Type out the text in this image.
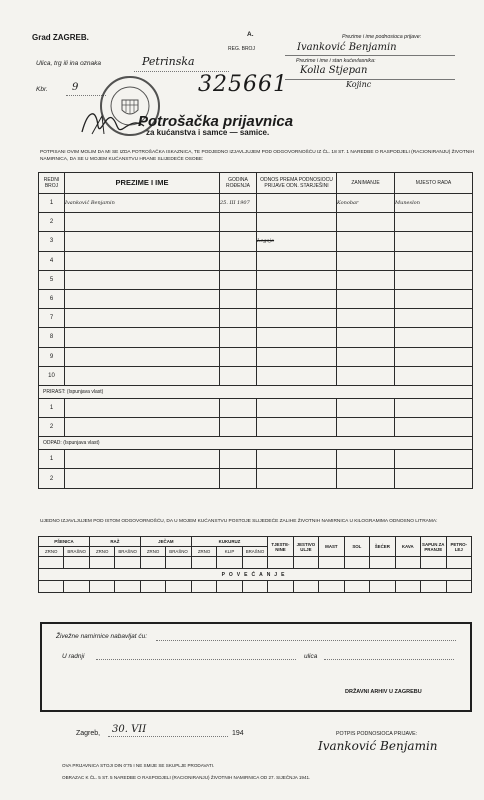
Grad ZAGREB.	A.
REG. BROJ
Prezime i ime podnosioca prijave:
Ivanković Benjamin
Prezime i ime i stan kućevlasnika:
Kolla Stjepan
Kojinc
Ulica, trg ili ina oznaka	Petrinska
Kbr. 9	325661
Potrošačka prijavnica
za kućanstva i samce — samice.
POTPISANI OVIM MOLIM DA MI SE IZDA POTROŠAČKA ISKAZNICA, TE PODJEDNO IZJAVLJUJEM POD ODGOVORNOŠĆU IZ ČL. 18 ST. 1 NAREDBE O RASPODJELI (RACIONIRANJU) ŽIVOTNIH NAMIRNICA, DA SE U MOJEM KUĆANSTVU HRANE SLIJEDEĆE OSOBE:
REDNI BROJ	PREZIME I IME	GODINA ROĐENJA	ODNOS PREMA PODNOSIOCU PRIJAVE ODN. STARJEŠINI	ZANIMANJE	MJESTO RADA
1	Ivanković Benjamin	25. III 1907		Konobar	Muneslon
2					
3			Legojo		
4					
5					
6					
7					
8					
9					
10					
PRIRAST: (Ispunjava vlast)					
1					
2					
ODPAD: (Ispunjava vlast)					
1					
2					
UJEDNO IZJAVLJUJEM POD ISTOM ODGOVORNOŠĆU, DA U MOJEM KUĆANSTVU POSTOJE SLIJEDEĆE ZALIHE ŽIVOTNIH NAMIRNICA U KILOGRAMIMA ODNOSNO LITRAMA:
PŠENICA		RAŽ		JEČAM		KUKURUZ			TJESTE-NINE	JESTIVO ULJE	MAST	SOL	ŠEĆER	KAVA	SAPUN ZA PRANJE	PETRO-LEJ
ZRNO	BRAŠNO	ZRNO	BRAŠNO	ZRNO	BRAŠNO	ZRNO	KLIP	BRAŠNO								

POVEĆANJE																

Živežne namirnice nabavljat ću:
U radnji	ulica
DRŽAVNI ARHIV U ZAGREBU
Zagreb, 30. VII	194	POTPIS PODNOSIOCA PRIJAVE:
Ivanković Benjamin
OVA PRIJAVNICA STOJI DIN 0'75 I NE SMIJE SE SKUPLJE PRODAVATI.
OBRAZAC K ČL. 5 ST. 5 NAREDBE O RASPODJELI (RACIONIRANJU) ŽIVOTNIH NAMIRNICA OD 27. SIJEČNJA 1941.
